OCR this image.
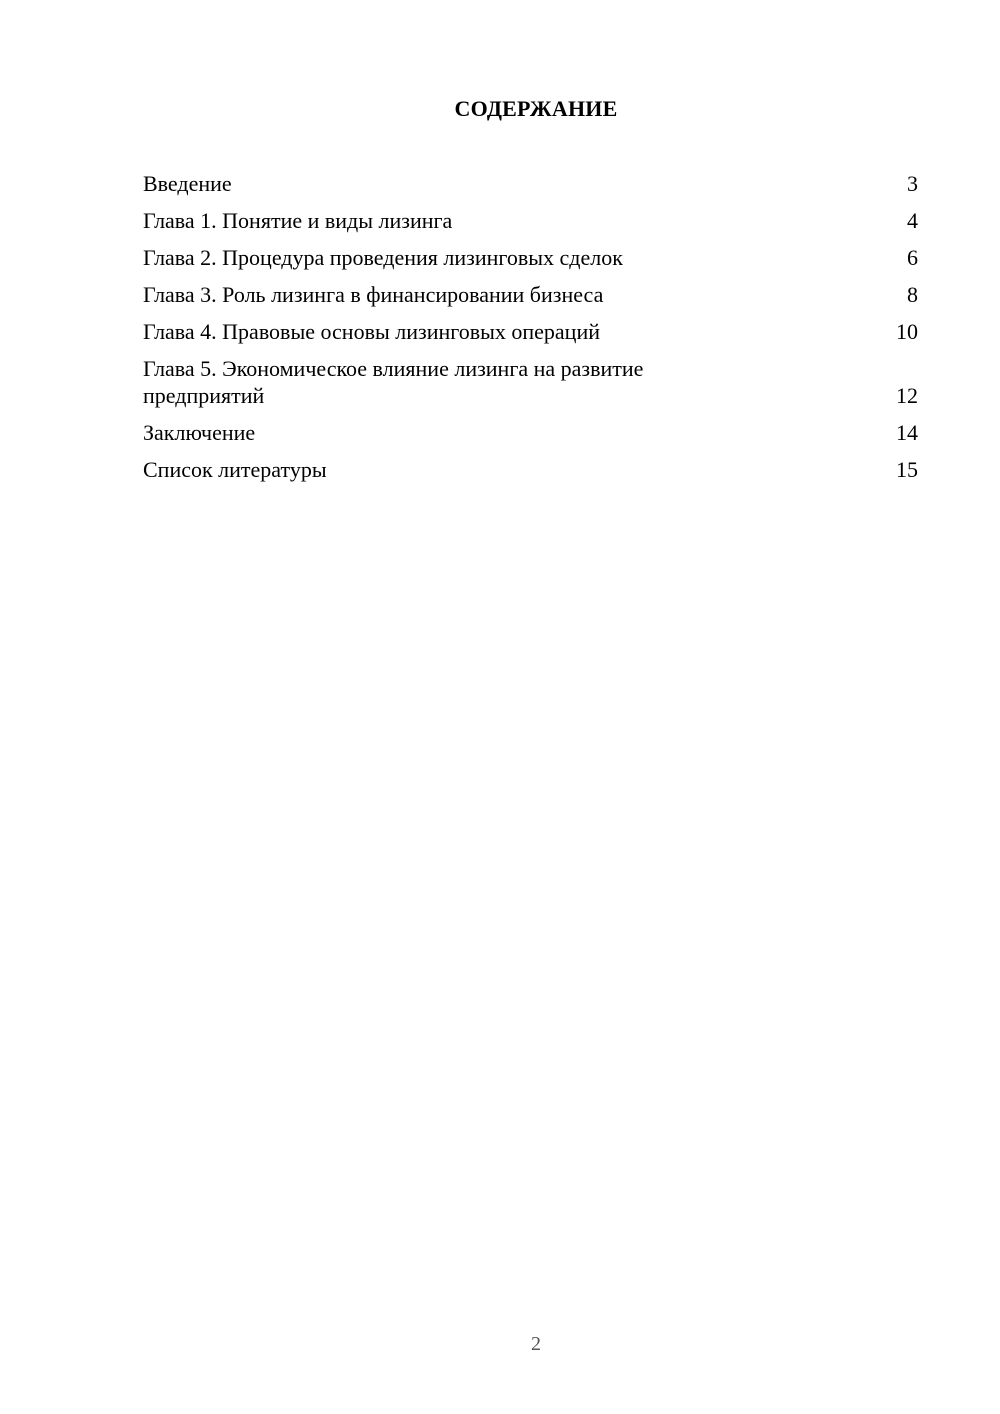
СОДЕРЖАНИЕ
Введение	3
Глава 1. Понятие и виды лизинга	4
Глава 2. Процедура проведения лизинговых сделок	6
Глава 3. Роль лизинга в финансировании бизнеса	8
Глава 4. Правовые основы лизинговых операций	10
Глава 5. Экономическое влияние лизинга на развитие предприятий	12
Заключение	14
Список литературы	15
2
